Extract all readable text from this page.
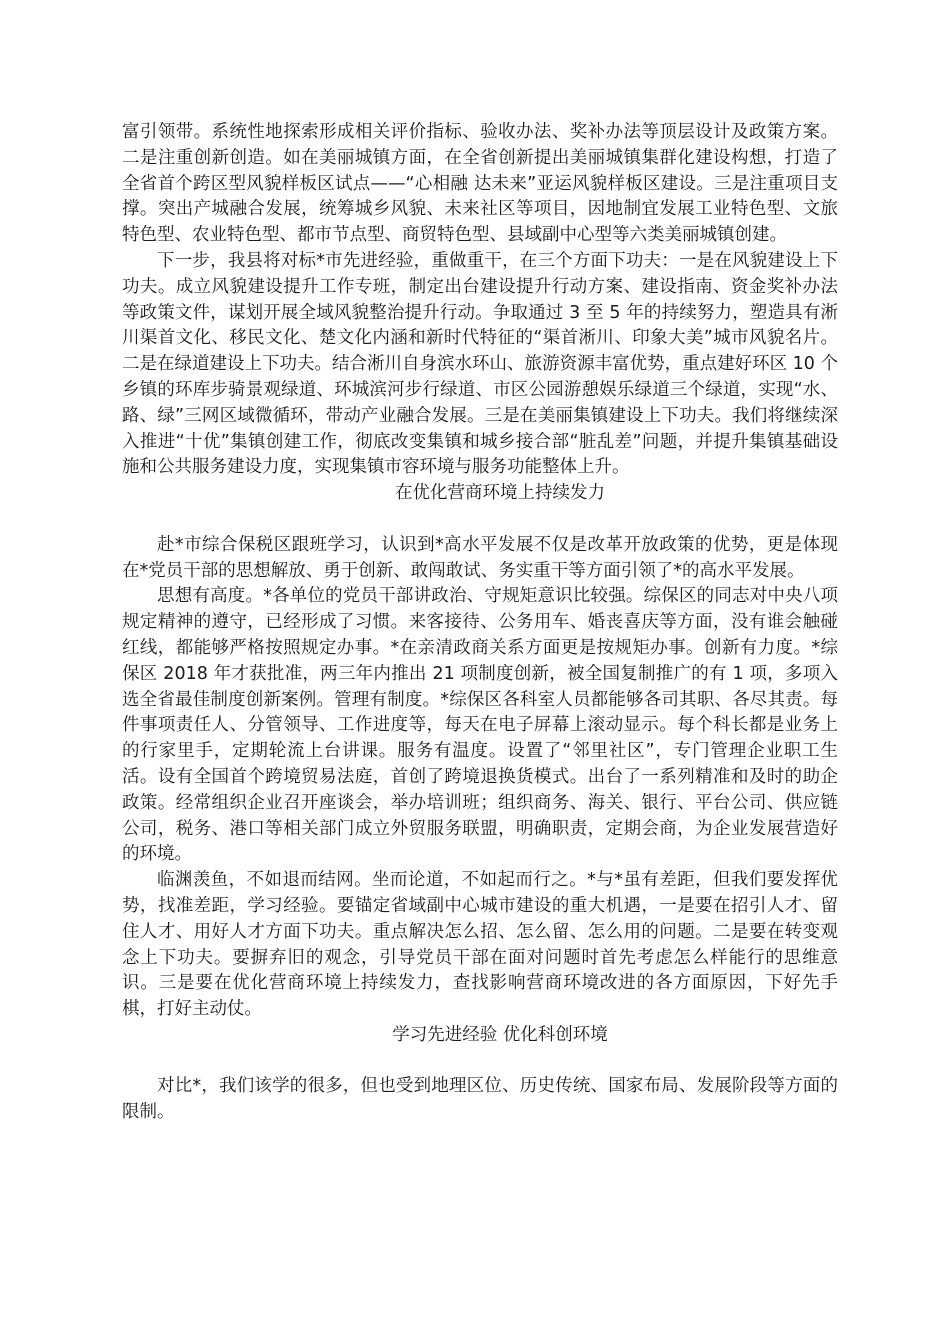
富引领带。系统性地探索形成相关评价指标、验收办法、奖补办法等顶层设计及政策方案。二是注重创新创造。如在美丽城镇方面，在全省创新提出美丽城镇集群化建设构想，打造了全省首个跨区型风貌样板区试点——“心相融 达未来”亚运风貌样板区建设。三是注重项目支撑。突出产城融合发展，统筹城乡风貌、未来社区等项目，因地制宜发展工业特色型、文旅特色型、农业特色型、都市节点型、商贸特色型、县域副中心型等六类美丽城镇创建。

下一步，我县将对标*市先进经验，重做重干，在三个方面下功夫：一是在风貌建设上下功夫。成立风貌建设提升工作专班，制定出台建设提升行动方案、建设指南、资金奖补办法等政策文件，谋划开展全域风貌整治提升行动。争取通过 3 至 5 年的持续努力，塑造具有淅川渠首文化、移民文化、楚文化内涵和新时代特征的“渠首淅川、印象大美”城市风貌名片。二是在绿道建设上下功夫。结合淅川自身滨水环山、旅游资源丰富优势，重点建好环区 10 个乡镇的环库步骑景观绿道、环城滨河步行绿道、市区公园游憩娱乐绿道三个绿道，实现“水、路、绿”三网区域微循环，带动产业融合发展。三是在美丽集镇建设上下功夫。我们将继续深入推进“十优”集镇创建工作，彻底改变集镇和城乡接合部“脏乱差”问题，并提升集镇基础设施和公共服务建设力度，实现集镇市容环境与服务功能整体上升。

在优化营商环境上持续发力

赴*市综合保税区跟班学习，认识到*高水平发展不仅是改革开放政策的优势，更是体现在*党员干部的思想解放、勇于创新、敢闯敢试、务实重干等方面引领了*的高水平发展。

思想有高度。*各单位的党员干部讲政治、守规矩意识比较强。综保区的同志对中央八项规定精神的遵守，已经形成了习惯。来客接待、公务用车、婚丧喜庆等方面，没有谁会触碰红线，都能够严格按照规定办事。*在亲清政商关系方面更是按规矩办事。创新有力度。*综保区 2018 年才获批准，两三年内推出 21 项制度创新，被全国复制推广的有 1 项，多项入选全省最佳制度创新案例。管理有制度。*综保区各科室人员都能够各司其职、各尽其责。每件事项责任人、分管领导、工作进度等，每天在电子屏幕上滚动显示。每个科长都是业务上的行家里手，定期轮流上台讲课。服务有温度。设置了“邻里社区”，专门管理企业职工生活。设有全国首个跨境贸易法庭，首创了跨境退换货模式。出台了一系列精准和及时的助企政策。经常组织企业召开座谈会，举办培训班；组织商务、海关、银行、平台公司、供应链公司，税务、港口等相关部门成立外贸服务联盟，明确职责，定期会商，为企业发展营造好的环境。

临渊羡鱼，不如退而结网。坐而论道，不如起而行之。*与*虽有差距，但我们要发挥优势，找准差距，学习经验。要锚定省域副中心城市建设的重大机遇，一是要在招引人才、留住人才、用好人才方面下功夫。重点解决怎么招、怎么留、怎么用的问题。二是要在转变观念上下功夫。要摒弃旧的观念，引导党员干部在面对问题时首先考虑怎么样能行的思维意识。三是要在优化营商环境上持续发力，查找影响营商环境改进的各方面原因，下好先手棋，打好主动仗。

学习先进经验 优化科创环境

对比*，我们该学的很多，但也受到地理区位、历史传统、国家布局、发展阶段等方面的限制。
